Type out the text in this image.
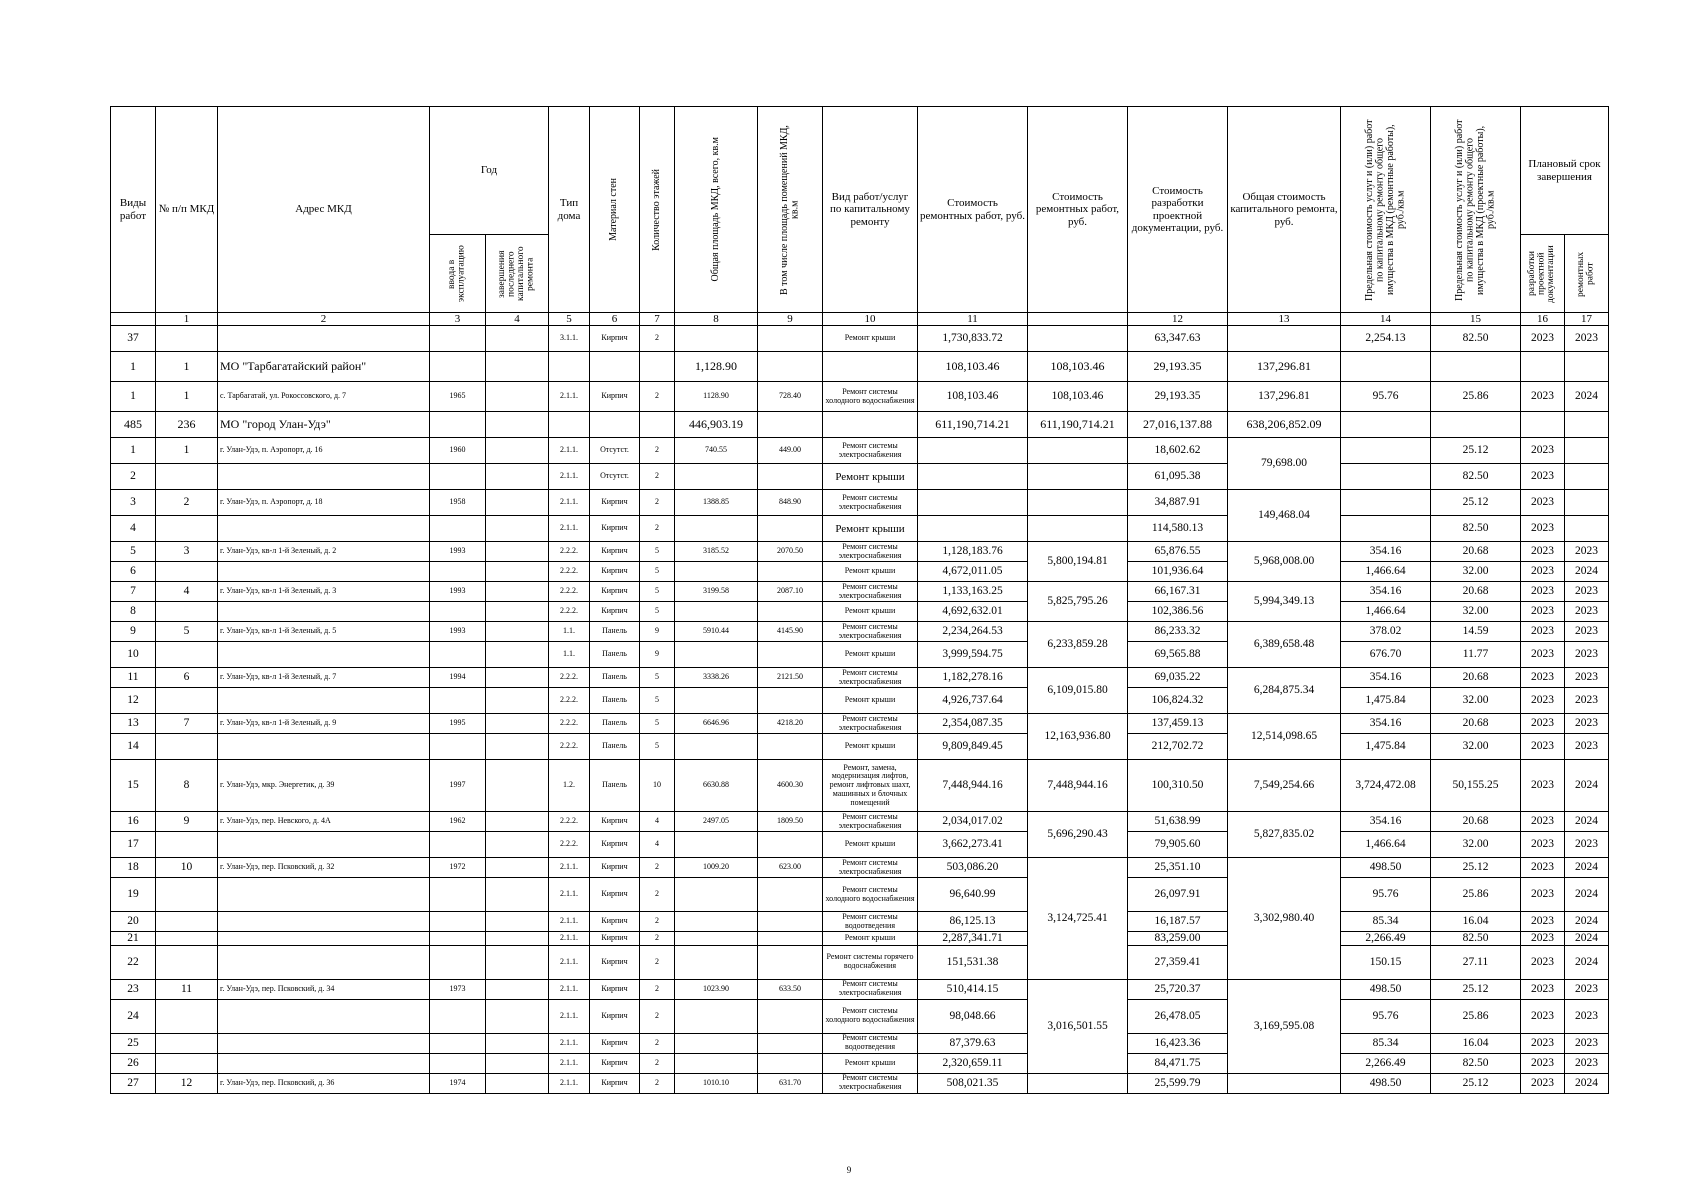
Виды работ	№ п/п МКД	Адрес МКД	Год		Тип дома	Материал стен	Количество этажей	Общая площадь МКД, всего, кв.м	В том числе площадь помещений МКД, кв.м	Вид работ/услуг по капитальному ремонту	Стоимость ремонтных работ, руб.	Стоимость ремонтных работ, руб.	Стоимость разработки проектной документации, руб.	Общая стоимость капитального ремонта, руб.	Предельная стоимость услуг и (или) работ по капитальному ремонту общего имущества в МКД (ремонтные работы), руб./кв.м	Предельная стоимость услуг и (или) работ по капитальному ремонту общего имущества в МКД (проектные работы), руб./кв.м	Плановый срок завершения	

			ввода в эксплуатацию	завершения последнего капитального ремонта													разработки проектной документации	ремонтных работ

	1	2	3	4	5	6	7	8	9	10	11		12	13	14	15	16	17
37					3.1.1.	Кирпич	2			Ремонт крыши	1,730,833.72		63,347.63		2,254.13	82.50	2023	2023
1	1	МО "Тарбагатайский район"						1,128.90			108,103.46	108,103.46	29,193.35	137,296.81				
1	1	с. Тарбагатай, ул. Рокоссовского, д. 7	1965		2.1.1.	Кирпич	2	1128.90	728.40	Ремонт системы холодного водоснабжения	108,103.46	108,103.46	29,193.35	137,296.81	95.76	25.86	2023	2024
485	236	МО "город Улан-Удэ"						446,903.19			611,190,714.21	611,190,714.21	27,016,137.88	638,206,852.09				
1	1	г. Улан-Удэ, п. Аэропорт, д. 16	1960		2.1.1.	Отсутст.	2	740.55	449.00	Ремонт системы электроснабжения			18,602.62	79,698.00		25.12	2023	
2					2.1.1.	Отсутст.	2			Ремонт крыши			61,095.38			82.50	2023	
3	2	г. Улан-Удэ, п. Аэропорт, д. 18	1958		2.1.1.	Кирпич	2	1388.85	848.90	Ремонт системы электроснабжения			34,887.91	149,468.04		25.12	2023	
4					2.1.1.	Кирпич	2			Ремонт крыши			114,580.13			82.50	2023	
5	3	г. Улан-Удэ, кв-л 1-й Зеленый, д. 2	1993		2.2.2.	Кирпич	5	3185.52	2070.50	Ремонт системы электроснабжения	1,128,183.76	5,800,194.81	65,876.55	5,968,008.00	354.16	20.68	2023	2023
6					2.2.2.	Кирпич	5			Ремонт крыши	4,672,011.05		101,936.64		1,466.64	32.00	2023	2024
7	4	г. Улан-Удэ, кв-л 1-й Зеленый, д. 3	1993		2.2.2.	Кирпич	5	3199.58	2087.10	Ремонт системы электроснабжения	1,133,163.25	5,825,795.26	66,167.31	5,994,349.13	354.16	20.68	2023	2023
8					2.2.2.	Кирпич	5			Ремонт крыши	4,692,632.01		102,386.56		1,466.64	32.00	2023	2023
9	5	г. Улан-Удэ, кв-л 1-й Зеленый, д. 5	1993		1.1.	Панель	9	5910.44	4145.90	Ремонт системы электроснабжения	2,234,264.53	6,233,859.28	86,233.32	6,389,658.48	378.02	14.59	2023	2023
10					1.1.	Панель	9			Ремонт крыши	3,999,594.75		69,565.88		676.70	11.77	2023	2023
11	6	г. Улан-Удэ, кв-л 1-й Зеленый, д. 7	1994		2.2.2.	Панель	5	3338.26	2121.50	Ремонт системы электроснабжения	1,182,278.16	6,109,015.80	69,035.22	6,284,875.34	354.16	20.68	2023	2023
12					2.2.2.	Панель	5			Ремонт крыши	4,926,737.64		106,824.32		1,475.84	32.00	2023	2023
13	7	г. Улан-Удэ, кв-л 1-й Зеленый, д. 9	1995		2.2.2.	Панель	5	6646.96	4218.20	Ремонт системы электроснабжения	2,354,087.35	12,163,936.80	137,459.13	12,514,098.65	354.16	20.68	2023	2023
14					2.2.2.	Панель	5			Ремонт крыши	9,809,849.45		212,702.72		1,475.84	32.00	2023	2023
15	8	г. Улан-Удэ, мкр. Энергетик, д. 39	1997		1.2.	Панель	10	6630.88	4600.30	Ремонт, замена, модернизация лифтов, ремонт лифтовых шахт, машинных и блочных помещений	7,448,944.16	7,448,944.16	100,310.50	7,549,254.66	3,724,472.08	50,155.25	2023	2024
16	9	г. Улан-Удэ, пер. Невского, д. 4А	1962		2.2.2.	Кирпич	4	2497.05	1809.50	Ремонт системы электроснабжения	2,034,017.02	5,696,290.43	51,638.99	5,827,835.02	354.16	20.68	2023	2024
17					2.2.2.	Кирпич	4			Ремонт крыши	3,662,273.41		79,905.60		1,466.64	32.00	2023	2023
18	10	г. Улан-Удэ, пер. Псковский, д. 32	1972		2.1.1.	Кирпич	2	1009.20	623.00	Ремонт системы электроснабжения	503,086.20	3,124,725.41	25,351.10	3,302,980.40	498.50	25.12	2023	2024
19					2.1.1.	Кирпич	2			Ремонт системы холодного водоснабжения	96,640.99		26,097.91		95.76	25.86	2023	2024
20					2.1.1.	Кирпич	2			Ремонт системы водоотведения	86,125.13		16,187.57		85.34	16.04	2023	2024
21					2.1.1.	Кирпич	2			Ремонт крыши	2,287,341.71		83,259.00		2,266.49	82.50	2023	2024
22					2.1.1.	Кирпич	2			Ремонт системы горячего водоснабжения	151,531.38		27,359.41		150.15	27.11	2023	2024
23	11	г. Улан-Удэ, пер. Псковский, д. 34	1973		2.1.1.	Кирпич	2	1023.90	633.50	Ремонт системы электроснабжения	510,414.15	3,016,501.55	25,720.37	3,169,595.08	498.50	25.12	2023	2023
24					2.1.1.	Кирпич	2			Ремонт системы холодного водоснабжения	98,048.66		26,478.05		95.76	25.86	2023	2023
25					2.1.1.	Кирпич	2			Ремонт системы водоотведения	87,379.63		16,423.36		85.34	16.04	2023	2023
26					2.1.1.	Кирпич	2			Ремонт крыши	2,320,659.11		84,471.75		2,266.49	82.50	2023	2023
27	12	г. Улан-Удэ, пер. Псковский, д. 36	1974		2.1.1.	Кирпич	2	1010.10	631.70	Ремонт системы электроснабжения	508,021.35		25,599.79		498.50	25.12	2023	2024
9
